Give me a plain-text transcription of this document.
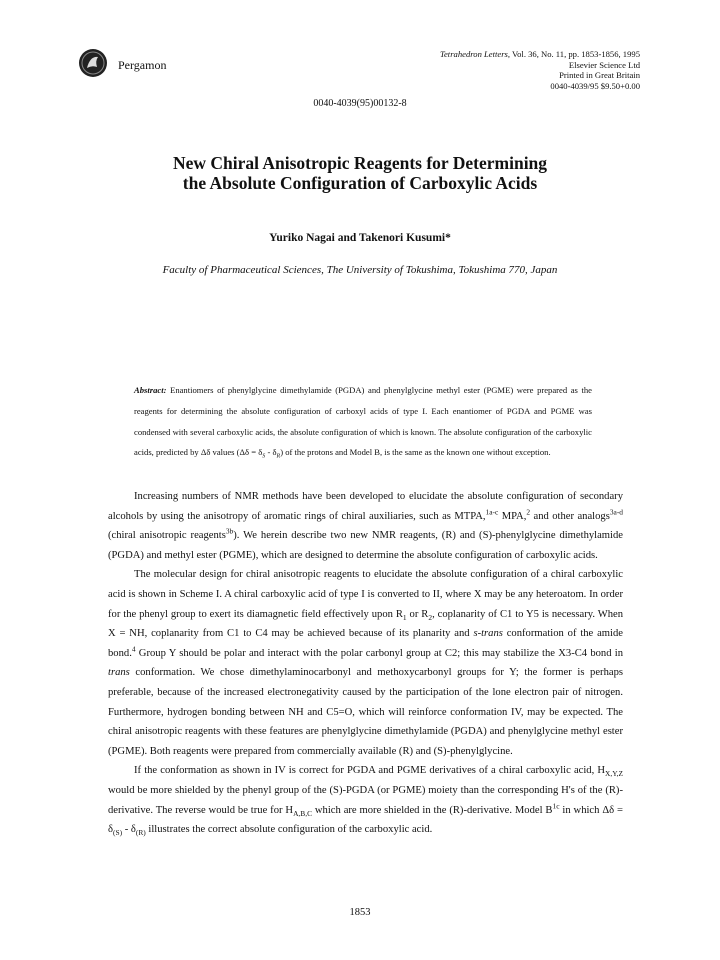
Pergamon
Tetrahedron Letters, Vol. 36, No. 11, pp. 1853-1856, 1995
Elsevier Science Ltd
Printed in Great Britain
0040-4039/95 $9.50+0.00
0040-4039(95)00132-8
New Chiral Anisotropic Reagents for Determining
the Absolute Configuration of Carboxylic Acids
Yuriko Nagai and Takenori Kusumi*
Faculty of Pharmaceutical Sciences, The University of Tokushima, Tokushima 770, Japan
Abstract: Enantiomers of phenylglycine dimethylamide (PGDA) and phenylglycine methyl ester (PGME) were prepared as the reagents for determining the absolute configuration of carboxyl acids of type I. Each enantiomer of PGDA and PGME was condensed with several carboxylic acids, the absolute configuration of which is known. The absolute configuration of the carboxylic acids, predicted by Δδ values $(\Delta\delta = \delta_S - \delta_R)$ of the protons and Model B, is the same as the known one without exception.

Increasing numbers of NMR methods have been developed to elucidate the absolute configuration of secondary alcohols by using the anisotropy of aromatic rings of chiral auxiliaries, such as MTPA,$^{1a-c}$ MPA,$^2$ and other analogs$^{3a-d}$ (chiral anisotropic reagents$^{3b}$). We herein describe two new NMR reagents, (R) and (S)-phenylglycine dimethylamide (PGDA) and methyl ester (PGME), which are designed to determine the absolute configuration of carboxylic acids.

The molecular design for chiral anisotropic reagents to elucidate the absolute configuration of a chiral carboxylic acid is shown in Scheme I. A chiral carboxylic acid of type I is converted to II, where X may be any heteroatom. In order for the phenyl group to exert its diamagnetic field effectively upon $R_1$ or $R_2$, coplanarity of C1 to Y5 is necessary. When X = NH, coplanarity from C1 to C4 may be achieved because of its planarity and s-trans conformation of the amide bond.$^4$ Group Y should be polar and interact with the polar carbonyl group at C2; this may stabilize the X3-C4 bond in trans conformation. We chose dimethylaminocarbonyl and methoxycarbonyl groups for Y; the former is perhaps preferable, because of the increased electronegativity caused by the participation of the lone electron pair of nitrogen. Furthermore, hydrogen bonding between NH and C5=O, which will reinforce conformation IV, may be expected. The chiral anisotropic reagents with these features are phenylglycine dimethylamide (PGDA) and phenylglycine methyl ester (PGME). Both reagents were prepared from commercially available (R) and (S)-phenylglycine.

If the conformation as shown in IV is correct for PGDA and PGME derivatives of a chiral carboxylic acid, $H_{X,Y,Z}$ would be more shielded by the phenyl group of the (S)-PGDA (or PGME) moiety than the corresponding H's of the (R)-derivative. The reverse would be true for $H_{A,B,C}$ which are more shielded in the (R)-derivative. Model $B^{1c}$ in which $\Delta\delta = \delta_{(S)} - \delta_{(R)}$ illustrates the correct absolute configuration of the carboxylic acid.

1853
